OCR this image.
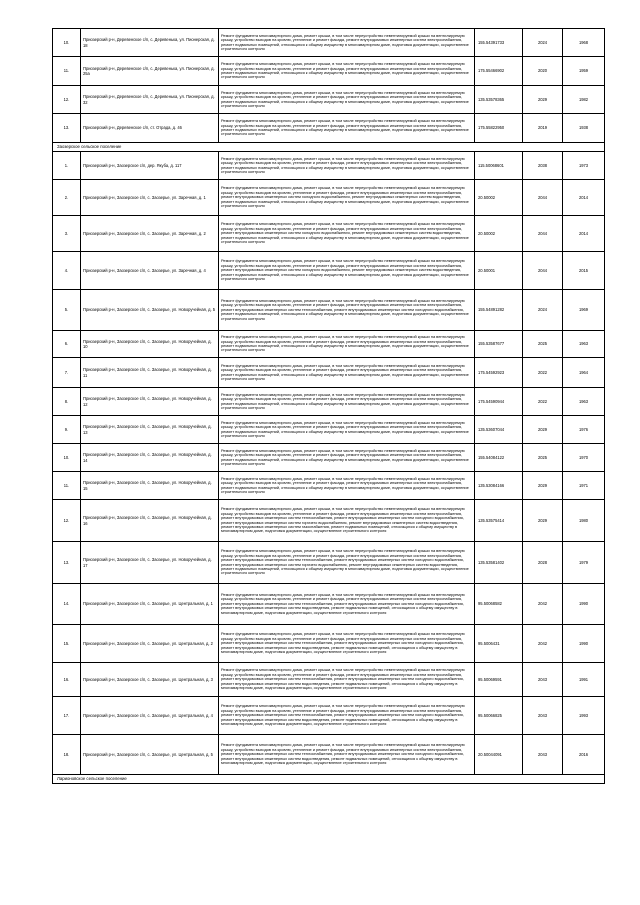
10.	Приозерский р-н, Деревенское с/п, с. Деревенька, ул. Пионерская, д. 18	Ремонт фундамента многоквартирного дома, ремонт крыши, в том числе переустройство невентилируемой крыши на вентилируемую крышу, устройство выходов на кровлю, утепление и ремонт фасада, ремонт внутридомовых инженерных систем электроснабжения, ремонт подвальных помещений, относящихся к общему имуществу в многоквартирном доме, подготовка документации, осуществление строительного контроля	155.54391733	2024	1968
11.	Приозерский р-н, Деревенское с/п, с. Деревенька, ул. Пионерская, д. 25а	Ремонт фундамента многоквартирного дома, ремонт крыши, в том числе переустройство невентилируемой крыши на вентилируемую крышу, устройство выходов на кровлю, утепление и ремонт фасада, ремонт внутридомовых инженерных систем электроснабжения, ремонт подвальных помещений, относящихся к общему имуществу в многоквартирном доме, подготовка документации, осуществление строительного контроля	175.55466902	2020	1959
12.	Приозерский р-н, Деревенское с/п, с. Деревенька, ул. Пионерская, д. 32	Ремонт фундамента многоквартирного дома, ремонт крыши, в том числе переустройство невентилируемой крыши на вентилируемую крышу, устройство выходов на кровлю, утепление и ремонт фасада, ремонт внутридомовых инженерных систем электроснабжения, ремонт подвальных помещений, относящихся к общему имуществу в многоквартирном доме, подготовка документации, осуществление строительного контроля	135.53578365	2029	1982
13.	Приозерский р-н, Деревенское с/п, ст. Отрада, д. 46	Ремонт фундамента многоквартирного дома, ремонт крыши, в том числе переустройство невентилируемой крыши на вентилируемую крышу, устройство выходов на кровлю, утепление и ремонт фасада, ремонт внутридомовых инженерных систем электроснабжения, ремонт подвальных помещений, относящихся к общему имуществу в многоквартирном доме, подготовка документации, осуществление строительного контроля	175.55822950	2019	1938
Заозерское сельское поселение					
1.	Приозерский р-н, Заозерское с/п, дер. Якуба, д. 117	Ремонт фундамента многоквартирного дома, ремонт крыши, в том числе переустройство невентилируемой крыши на вентилируемую крышу, устройство выходов на кровлю, утепление и ремонт фасада, ремонт внутридомовых инженерных систем электроснабжения, ремонт подвальных помещений, относящихся к общему имуществу в многоквартирном доме, подготовка документации, осуществление строительного контроля	115.50068601	2038	1973
2.	Приозерский р-н, Заозерское с/п, с. Заозерье, ул. Заречная, д. 1	Ремонт фундамента многоквартирного дома, ремонт крыши, в том числе переустройство невентилируемой крыши на вентилируемую крышу, устройство выходов на кровлю, утепление и ремонт фасада, ремонт внутридомовых инженерных систем электроснабжения, ремонт внутридомовых инженерных систем холодного водоснабжения, ремонт внутридомовых инженерных систем водоотведения, ремонт подвальных помещений, относящихся к общему имуществу в многоквартирном доме, подготовка документации, осуществление строительного контроля	20.50002	2044	2014
3.	Приозерский р-н, Заозерское с/п, с. Заозерье, ул. Заречная, д. 2	Ремонт фундамента многоквартирного дома, ремонт крыши, в том числе переустройство невентилируемой крыши на вентилируемую крышу, устройство выходов на кровлю, утепление и ремонт фасада, ремонт внутридомовых инженерных систем электроснабжения, ремонт внутридомовых инженерных систем холодного водоснабжения, ремонт внутридомовых инженерных систем водоотведения, ремонт подвальных помещений, относящихся к общему имуществу в многоквартирном доме, подготовка документации, осуществление строительного контроля	20.50002	2044	2014
4.	Приозерский р-н, Заозерское с/п, с. Заозерье, ул. Заречная, д. 4	Ремонт фундамента многоквартирного дома, ремонт крыши, в том числе переустройство невентилируемой крыши на вентилируемую крышу, устройство выходов на кровлю, утепление и ремонт фасада, ремонт внутридомовых инженерных систем электроснабжения, ремонт внутридомовых инженерных систем холодного водоснабжения, ремонт внутридомовых инженерных систем водоотведения, ремонт подвальных помещений, относящихся к общему имуществу в многоквартирном доме, подготовка документации, осуществление строительного контроля	20.50001	2044	2015
5.	Приозерский р-н, Заозерское с/п, с. Заозерье, ул. Новоручейная, д. 5	Ремонт фундамента многоквартирного дома, ремонт крыши, в том числе переустройство невентилируемой крыши на вентилируемую крышу, устройство выходов на кровлю, утепление и ремонт фасада, ремонт внутридомовых инженерных систем электроснабжения, ремонт внутридомовых инженерных систем теплоснабжения, ремонт внутридомовых инженерных систем холодного водоснабжения, ремонт подвальных помещений, относящихся к общему имуществу в многоквартирном доме, подготовка документации, осуществление строительного контроля	155.54891282	2024	1969
6.	Приозерский р-н, Заозерское с/п, с. Заозерье, ул. Новоручейная, д. 10	Ремонт фундамента многоквартирного дома, ремонт крыши, в том числе переустройство невентилируемой крыши на вентилируемую крышу, устройство выходов на кровлю, утепление и ремонт фасада, ремонт внутридомовых инженерных систем электроснабжения, ремонт подвальных помещений, относящихся к общему имуществу в многоквартирном доме, подготовка документации, осуществление строительного контроля	155.53587677	2025	1963
7.	Приозерский р-н, Заозерское с/п, с. Заозерье, ул. Новоручейная, д. 11	Ремонт фундамента многоквартирного дома, ремонт крыши, в том числе переустройство невентилируемой крыши на вентилируемую крышу, устройство выходов на кровлю, утепление и ремонт фасада, ремонт внутридомовых инженерных систем электроснабжения, ремонт подвальных помещений, относящихся к общему имуществу в многоквартирном доме, подготовка документации, осуществление строительного контроля	175.54592923	2022	1964
8.	Приозерский р-н, Заозерское с/п, с. Заозерье, ул. Новоручейная, д. 12	Ремонт фундамента многоквартирного дома, ремонт крыши, в том числе переустройство невентилируемой крыши на вентилируемую крышу, устройство выходов на кровлю, утепление и ремонт фасада, ремонт внутридомовых инженерных систем электроснабжения, ремонт подвальных помещений, относящихся к общему имуществу в многоквартирном доме, подготовка документации, осуществление строительного контроля	175.54590944	2022	1963
9.	Приозерский р-н, Заозерское с/п, с. Заозерье, ул. Новоручейная, д. 13	Ремонт фундамента многоквартирного дома, ремонт крыши, в том числе переустройство невентилируемой крыши на вентилируемую крышу, устройство выходов на кровлю, утепление и ремонт фасада, ремонт внутридомовых инженерных систем электроснабжения, ремонт подвальных помещений, относящихся к общему имуществу в многоквартирном доме, подготовка документации, осуществление строительного контроля	135.53607044	2029	1976
10.	Приозерский р-н, Заозерское с/п, с. Заозерье, ул. Новоручейная, д. 14	Ремонт фундамента многоквартирного дома, ремонт крыши, в том числе переустройство невентилируемой крыши на вентилируемую крышу, устройство выходов на кровлю, утепление и ремонт фасада, ремонт внутридомовых инженерных систем электроснабжения, ремонт подвальных помещений, относящихся к общему имуществу в многоквартирном доме, подготовка документации, осуществление строительного контроля	155.54084122	2025	1970
11.	Приозерский р-н, Заозерское с/п, с. Заозерье, ул. Новоручейная, д. 15	Ремонт фундамента многоквартирного дома, ремонт крыши, в том числе переустройство невентилируемой крыши на вентилируемую крышу, устройство выходов на кровлю, утепление и ремонт фасада, ремонт внутридомовых инженерных систем электроснабжения, ремонт подвальных помещений, относящихся к общему имуществу в многоквартирном доме, подготовка документации, осуществление строительного контроля	135.53084166	2029	1971
12.	Приозерский р-н, Заозерское с/п, с. Заозерье, ул. Новоручейная, д. 16	Ремонт фундамента многоквартирного дома, ремонт крыши, в том числе переустройство невентилируемой крыши на вентилируемую крышу, устройство выходов на кровлю, утепление и ремонт фасада, ремонт внутридомовых инженерных систем электроснабжения, ремонт внутридомовых инженерных систем теплоснабжения, ремонт внутридомовых инженерных систем холодного водоснабжения, ремонт внутридомовых инженерных систем горячего водоснабжения, ремонт внутридомовых инженерных систем водоотведения, ремонт внутридомовых инженерных систем газоснабжения, ремонт подвальных помещений, относящихся к общему имуществу в многоквартирном доме, подготовка документации, осуществление строительного контроля	135.53575414	2029	1980
13.	Приозерский р-н, Заозерское с/п, с. Заозерье, ул. Новоручейная, д. 17	Ремонт фундамента многоквартирного дома, ремонт крыши, в том числе переустройство невентилируемой крыши на вентилируемую крышу, устройство выходов на кровлю, утепление и ремонт фасада, ремонт внутридомовых инженерных систем электроснабжения, ремонт внутридомовых инженерных систем теплоснабжения, ремонт внутридомовых инженерных систем холодного водоснабжения, ремонт внутридомовых инженерных систем горячего водоснабжения, ремонт внутридомовых инженерных систем водоотведения, ремонт подвальных помещений, относящихся к общему имуществу в многоквартирном доме, подготовка документации, осуществление строительного контроля	135.53581402	2028	1979
14.	Приозерский р-н, Заозерское с/п, с. Заозерье, ул. Центральная, д. 1	Ремонт фундамента многоквартирного дома, ремонт крыши, в том числе переустройство невентилируемой крыши на вентилируемую крышу, устройство выходов на кровлю, утепление и ремонт фасада, ремонт внутридомовых инженерных систем электроснабжения, ремонт внутридомовых инженерных систем теплоснабжения, ремонт внутридомовых инженерных систем холодного водоснабжения, ремонт внутридомовых инженерных систем водоотведения, ремонт подвальных помещений, относящихся к общему имуществу в многоквартирном доме, подготовка документации, осуществление строительного контроля	95.50068582	2042	1990
15.	Приозерский р-н, Заозерское с/п, с. Заозерье, ул. Центральная, д. 2	Ремонт фундамента многоквартирного дома, ремонт крыши, в том числе переустройство невентилируемой крыши на вентилируемую крышу, устройство выходов на кровлю, утепление и ремонт фасада, ремонт внутридомовых инженерных систем электроснабжения, ремонт внутридомовых инженерных систем теплоснабжения, ремонт внутридомовых инженерных систем холодного водоснабжения, ремонт внутридомовых инженерных систем водоотведения, ремонт подвальных помещений, относящихся к общему имуществу в многоквартирном доме, подготовка документации, осуществление строительного контроля	95.5006431	2042	1990
16.	Приозерский р-н, Заозерское с/п, с. Заозерье, ул. Центральная, д. 3	Ремонт фундамента многоквартирного дома, ремонт крыши, в том числе переустройство невентилируемой крыши на вентилируемую крышу, устройство выходов на кровлю, утепление и ремонт фасада, ремонт внутридомовых инженерных систем электроснабжения, ремонт внутридомовых инженерных систем теплоснабжения, ремонт внутридомовых инженерных систем холодного водоснабжения, ремонт внутридомовых инженерных систем водоотведения, ремонт подвальных помещений, относящихся к общему имуществу в многоквартирном доме, подготовка документации, осуществление строительного контроля	95.50069591	2043	1991
17.	Приозерский р-н, Заозерское с/п, с. Заозерье, ул. Центральная, д. 4	Ремонт фундамента многоквартирного дома, ремонт крыши, в том числе переустройство невентилируемой крыши на вентилируемую крышу, устройство выходов на кровлю, утепление и ремонт фасада, ремонт внутридомовых инженерных систем электроснабжения, ремонт внутридомовых инженерных систем теплоснабжения, ремонт внутридомовых инженерных систем холодного водоснабжения, ремонт внутридомовых инженерных систем водоотведения, ремонт подвальных помещений, относящихся к общему имуществу в многоквартирном доме, подготовка документации, осуществление строительного контроля	95.50066825	2043	1993
18.	Приозерский р-н, Заозерское с/п, с. Заозерье, ул. Центральная, д. 5	Ремонт фундамента многоквартирного дома, ремонт крыши, в том числе переустройство невентилируемой крыши на вентилируемую крышу, устройство выходов на кровлю, утепление и ремонт фасада, ремонт внутридомовых инженерных систем электроснабжения, ремонт внутридомовых инженерных систем теплоснабжения, ремонт внутридомовых инженерных систем холодного водоснабжения, ремонт внутридомовых инженерных систем водоотведения, ремонт подвальных помещений, относящихся к общему имуществу в многоквартирном доме, подготовка документации, осуществление строительного контроля	20.50044091	2043	2016
Ларионовское сельское поселение					
